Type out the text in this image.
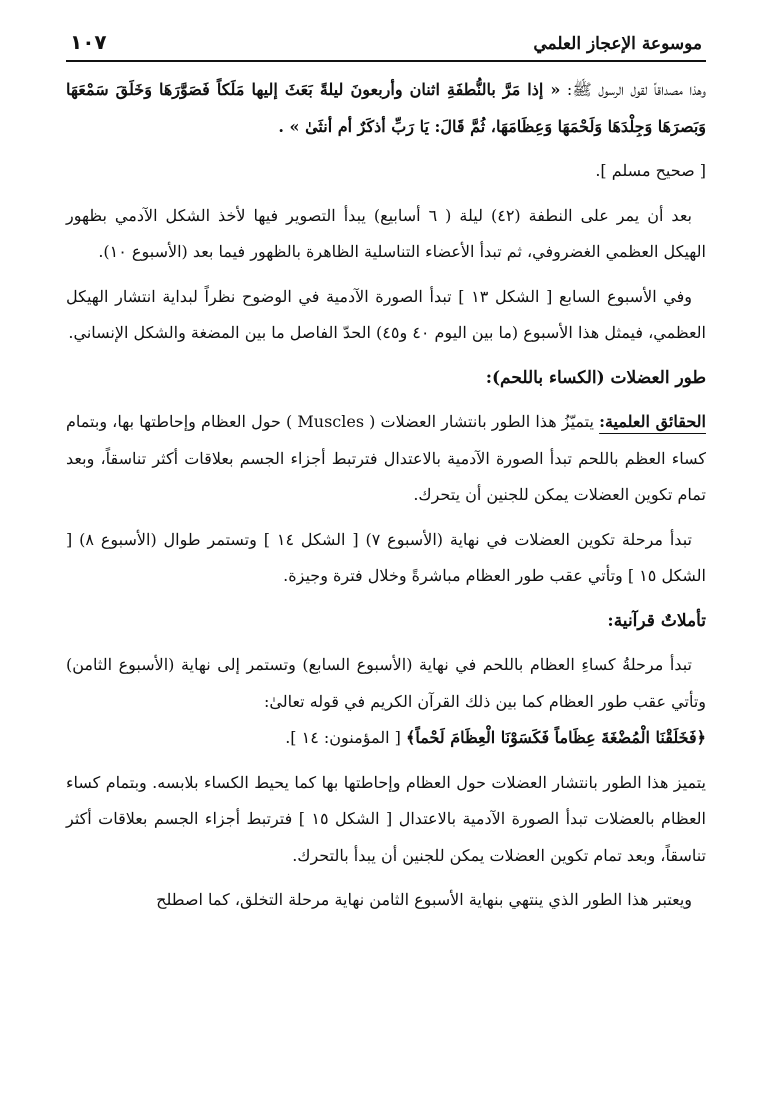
موسوعة الإعجاز العلمي
١٠٧

وهذا مصداقاً لقول الرسول ﷺ: « إذا مَرَّ بالنُّطفَةِ اثنان وأربعونَ ليلةً بَعَثَ إليها مَلَكاً فَصَوَّرَهَا وَخَلَقَ سَمْعَهَا وَبَصرَهَا وَجِلْدَهَا وَلَحْمَهَا وَعِظَامَهَا، ثُمَّ قَالَ: يَا رَبِّ أذكَرٌ أم أنثَىٰ » .

[ صحيح مسلم ].

بعد أن يمر على النطفة (٤٢) ليلة ( ٦ أسابيع) يبدأ التصوير فيها لأخذ الشكل الآدمي بظهور الهيكل العظمي الغضروفي، ثم تبدأ الأعضاء التناسلية الظاهرة بالظهور فيما بعد (الأسبوع ١٠).

وفي الأسبوع السابع [ الشكل ١٣ ] تبدأ الصورة الآدمية في الوضوح نظراً لبداية انتشار الهيكل العظمي، فيمثل هذا الأسبوع (ما بين اليوم ٤٠ و٤٥) الحدّ الفاصل ما بين المضغة والشكل الإنساني.

طور العضلات (الكساء باللحم):

الحقائق العلمية: يتميّزُ هذا الطور بانتشار العضلات ( Muscles ) حول العظام وإحاطتها بها، وبتمام كساء العظم باللحم تبدأ الصورة الآدمية بالاعتدال فترتبط أجزاء الجسم بعلاقات أكثر تناسقاً، وبعد تمام تكوين العضلات يمكن للجنين أن يتحرك.

تبدأ مرحلة تكوين العضلات في نهاية (الأسبوع ٧) [ الشكل ١٤ ] وتستمر طوال (الأسبوع ٨) [ الشكل ١٥ ] وتأتي عقب طور العظام مباشرةً وخلال فترة وجيزة.

تأملاتٌ قرآنية:

تبدأ مرحلةُ كساءِ العظام باللحم في نهاية (الأسبوع السابع) وتستمر إلى نهاية (الأسبوع الثامن) وتأتي عقب طور العظام كما بين ذلك القرآن الكريم في قوله تعالىٰ:
﴿فَخَلَقْنَا الْمُضْغَةَ عِظَاماً فَكَسَوْنَا الْعِظَامَ لَحْماً﴾ [ المؤمنون: ١٤ ].

يتميز هذا الطور بانتشار العضلات حول العظام وإحاطتها بها كما يحيط الكساء بلابسه. وبتمام كساء العظام بالعضلات تبدأ الصورة الآدمية بالاعتدال [ الشكل ١٥ ] فترتبط أجزاء الجسم بعلاقات أكثر تناسقاً، وبعد تمام تكوين العضلات يمكن للجنين أن يبدأ بالتحرك.

ويعتبر هذا الطور الذي ينتهي بنهاية الأسبوع الثامن نهاية مرحلة التخلق، كما اصطلح
